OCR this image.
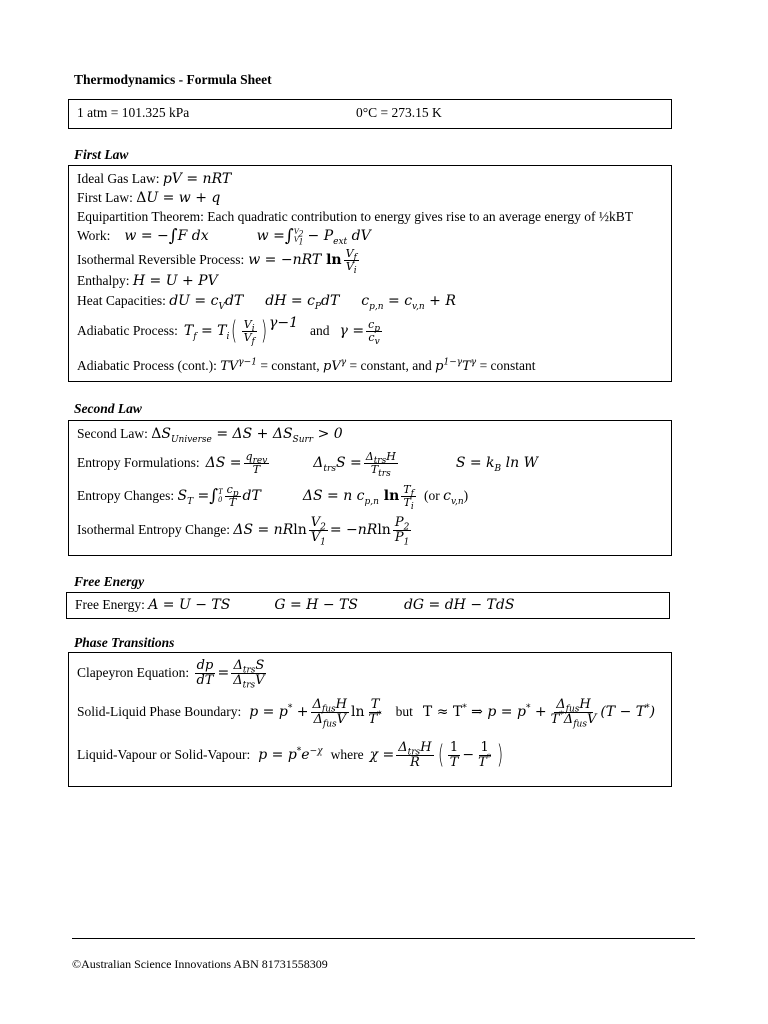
Thermodynamics - Formula Sheet
1 atm = 101.325 kPa	0°C = 273.15 K
First Law
Ideal Gas Law:
pV = nRT
First Law:
Δ U = w + q
Equipartition Theorem: Each quadratic contribution to energy gives rise to an average energy of ½kBT
Work: w = − ∫ F dx	w = ∫ $V_2$
$V_1 - P_{ext}$ dV
Isothermal Reversible Process: w = −nRT $\ln \frac{V_f}{V_i}$
Enthalpy:
H = U + PV
Heat Capacities:
dU = $c_VdT$ dH = $c_PdT$ $c_{p,n} = c_{v,n} + R$
Adiabatic Process: $T_f = T_i$ ( $\frac{V_i}{V_f} )^{\gamma-1}$ and $\gamma = \frac{c_p}{c_v}$
Adiabatic Process (cont.):
$TV^{\gamma-1}$
= constant,
$pV^\gamma$
= constant, and
$p^{1-\gamma}T^\gamma$
= constant
Second Law
Second Law:
Δ $S_{Universe} = \Delta S + \Delta S_{Surr} > 0$
Entropy Formulations: $\Delta S = \frac{q_{rev}}{T}$	$\Delta_{trs}S = \frac{\Delta_{trs}H}{T_{trs}}$	$S = k_B$ ln W
Entropy Changes:
$S_T$ = ∫ T
$0 \frac{c_p}{T}$ dT	ΔS = n $c_{p,n}$ $\ln \frac{T_f}{T_i} (or$
$c_{v,n}$ )
Isothermal Entropy Change:
ΔS = nR $\ln \frac{V_2}{V_1} = -nR$ $\ln \frac{P_2}{P_1}$
Free Energy
Free Energy:
A = U − TS	G = H − TS	dG = dH − TdS
Phase Transitions
Clapeyron Equation:
$\frac{dp}{dT} = \frac{\Delta_{trs}S}{\Delta_{trs}V}$
Solid-Liquid Phase Boundary: $p = p^* + \frac{\Delta_{fus}H}{\Delta_{fus}V}$ $\ln \frac{T}{T^*}$ but T ≈ T* ⇒ $p = p^* + \frac{\Delta_{fus}H}{T^*\Delta_{fus}V} (T - T^*)$
Liquid-Vapour or Solid-Vapour: $p = p^*e^{-\chi}$ where $\chi = \frac{\Delta_{trs}H}{R}$ ( $\frac{1}{T} - \frac{1}{T^*}$ )
©Australian Science Innovations ABN 81731558309
